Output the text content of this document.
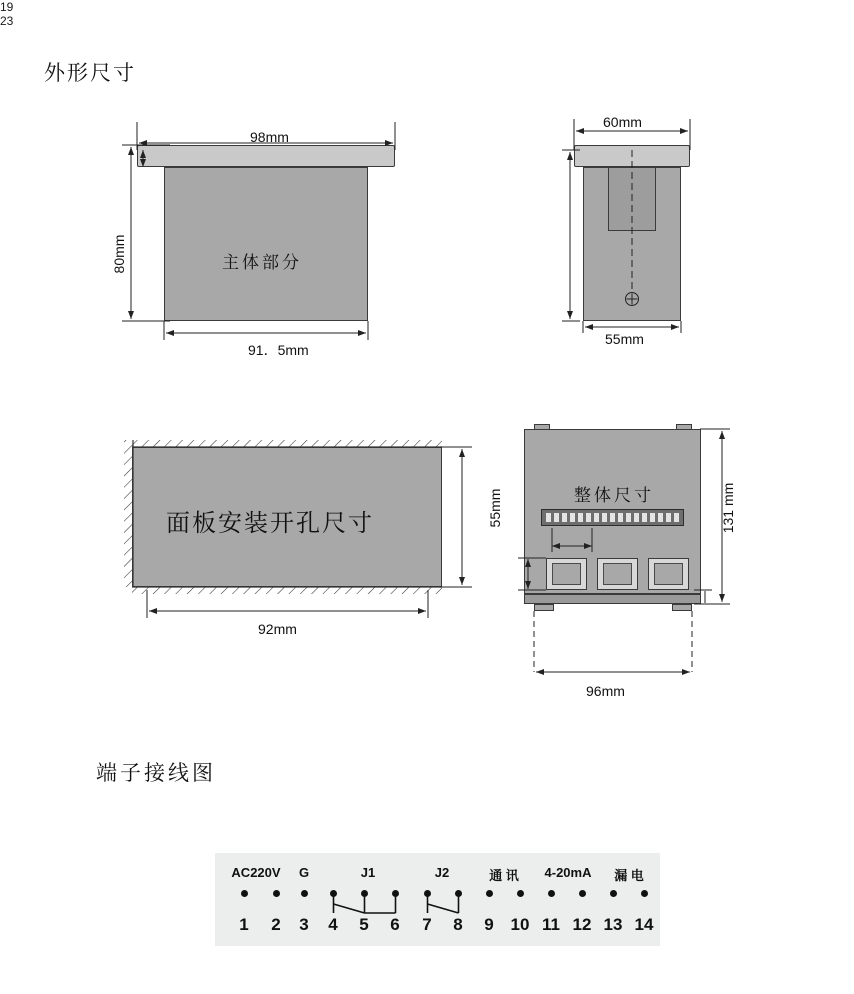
外形尺寸
端子接线图
主体部分
98mm
91．5mm
80mm
60mm
55mm
面板安装开孔尺寸
92mm
55mm	整体尺寸
19
23
131 mm
96mm
AC220V	G	J1	J2	通 讯	4-20mA	漏 电
1	2	3	4	5	6	7	8	9 10 11 12 13 14
